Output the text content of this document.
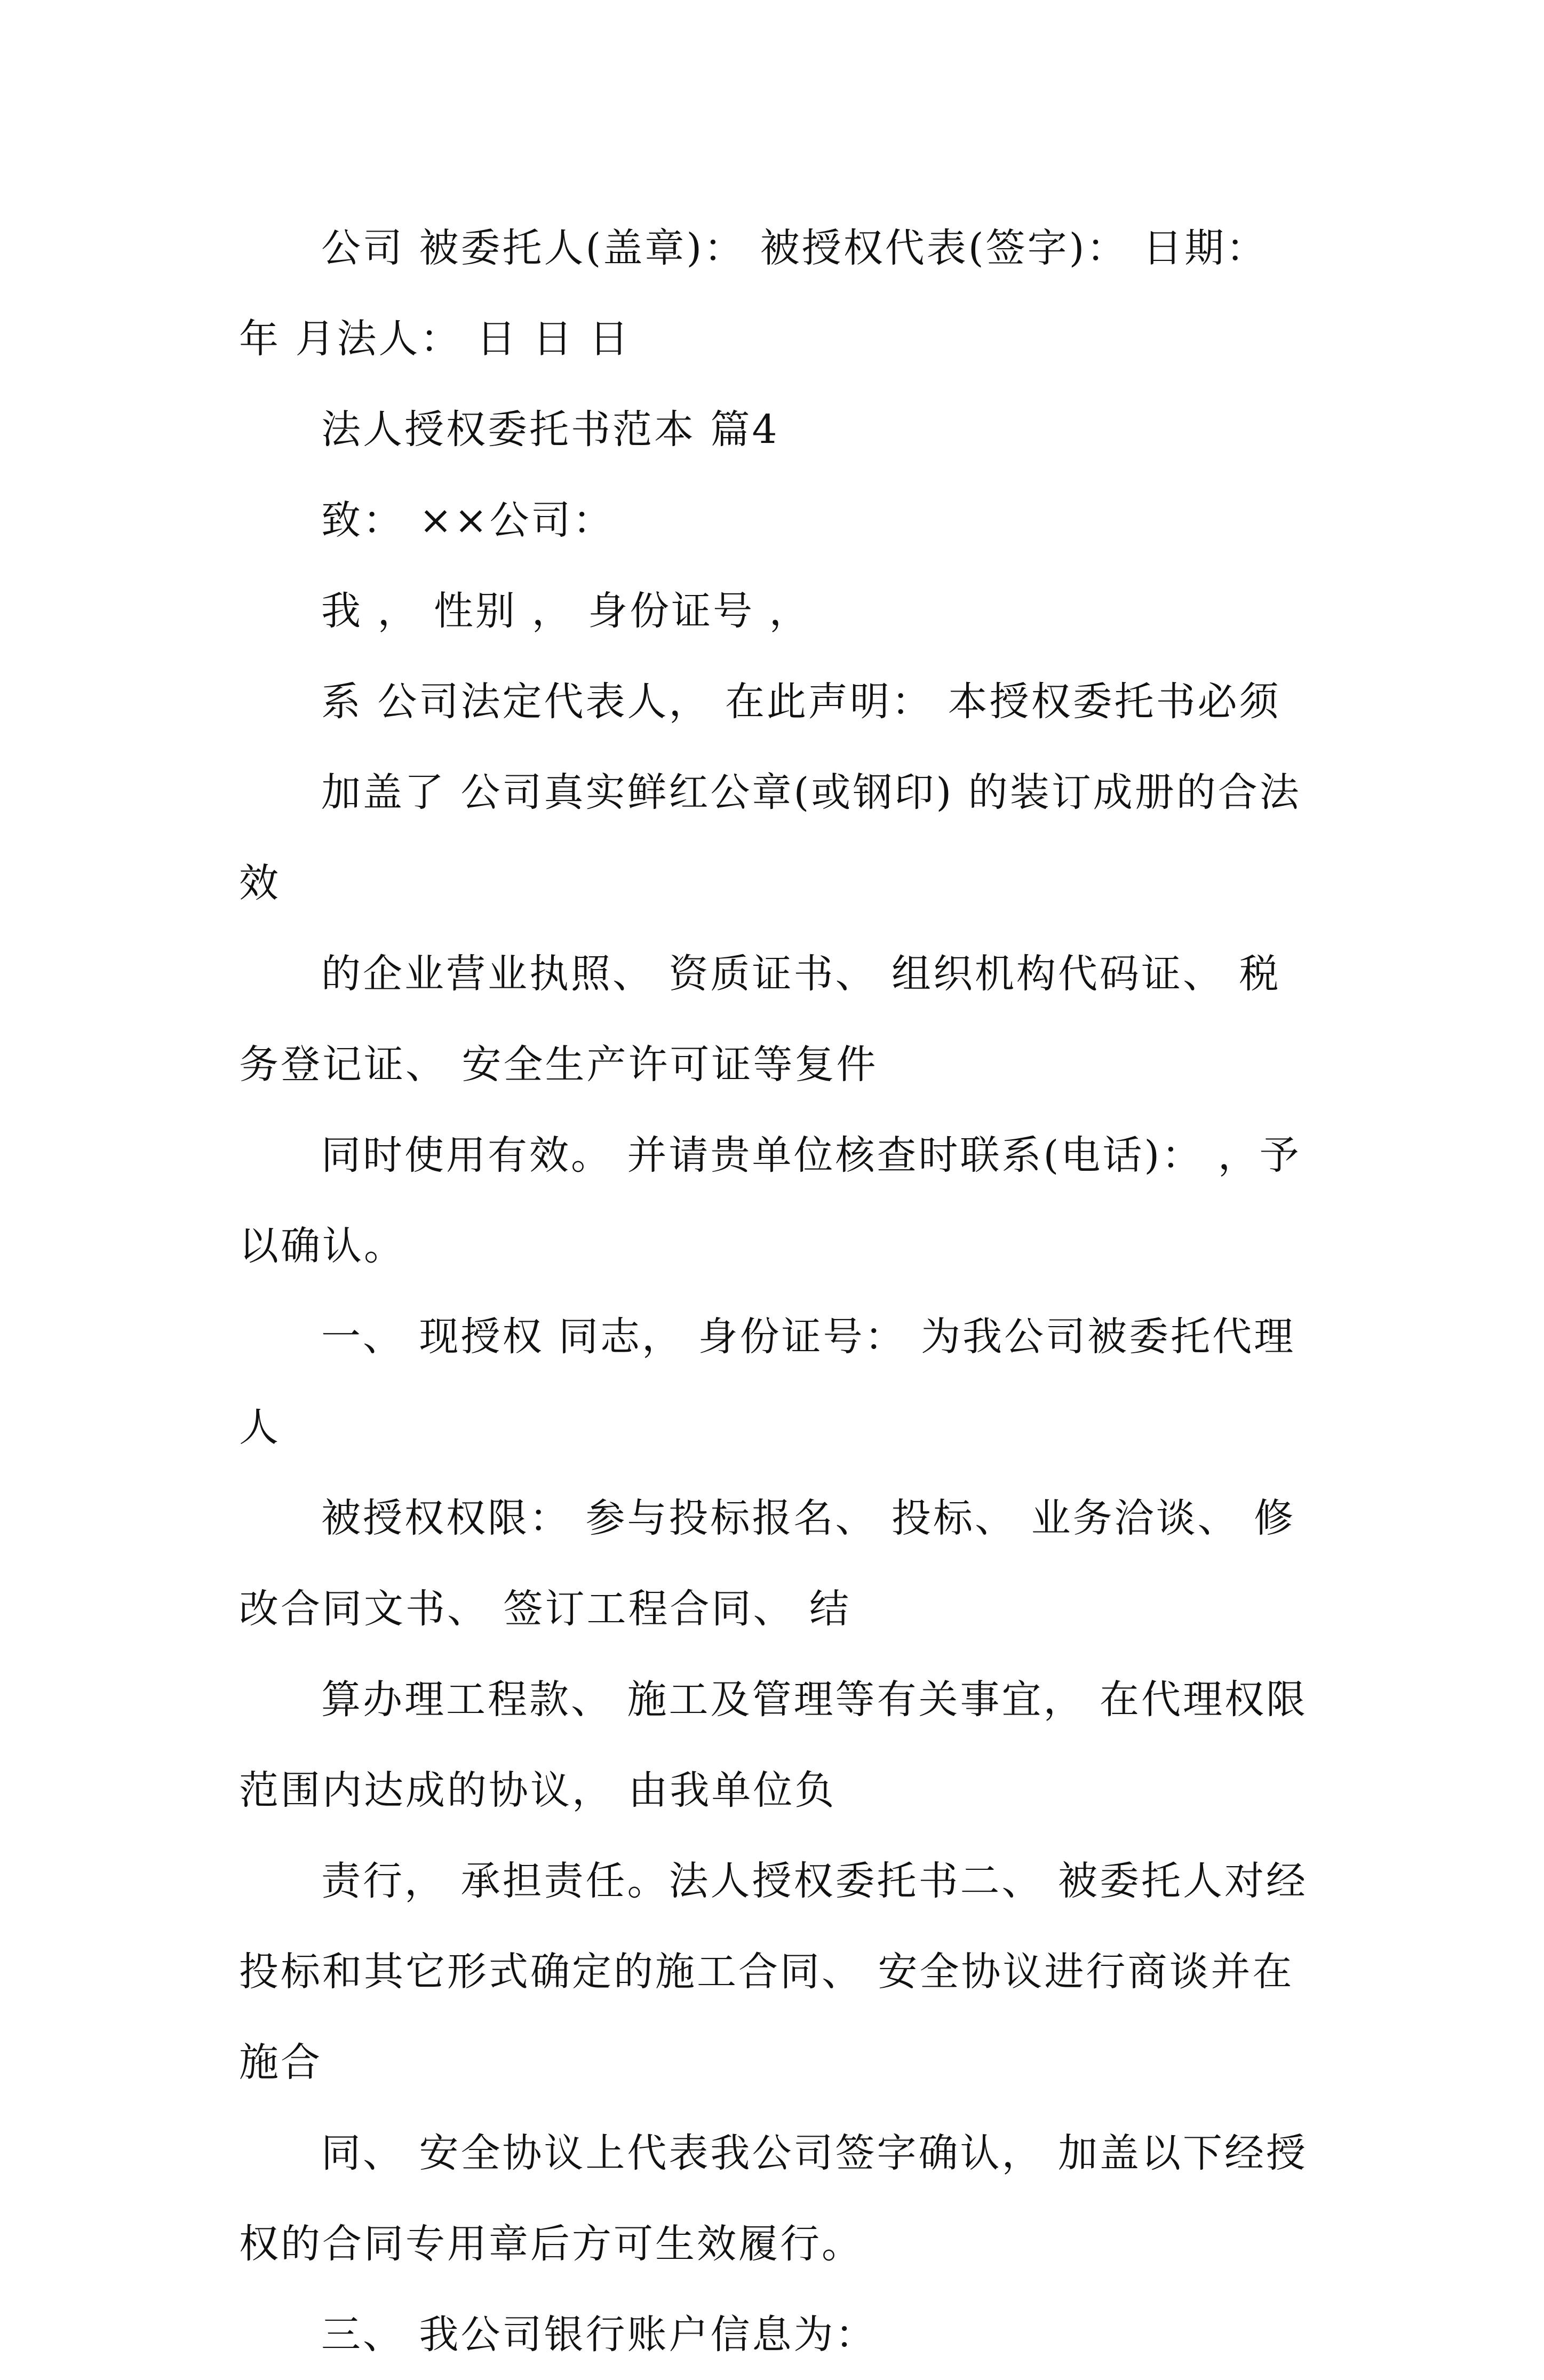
公司 被委托人(盖章)： 被授权代表(签字)： 日期： 年 月法人： 日 日 日

法人授权委托书范本 篇4

致： ××公司：

我 ， 性别 ， 身份证号 ，

系 公司法定代表人， 在此声明： 本授权委托书必须

加盖了 公司真实鲜红公章(或钢印) 的装订成册的合法效

的企业营业执照、 资质证书、 组织机构代码证、 税务登记证、 安全生产许可证等复件

同时使用有效。 并请贵单位核查时联系(电话)： ，予以确认。

一、 现授权 同志， 身份证号： 为我公司被委托代理人

被授权权限： 参与投标报名、 投标、 业务洽谈、 修改合同文书、 签订工程合同、 结

算办理工程款、 施工及管理等有关事宜， 在代理权限范围内达成的协议， 由我单位负

责行， 承担责任。法人授权委托书二、 被委托人对经投标和其它形式确定的施工合同、 安全协议进行商谈并在施合

同、 安全协议上代表我公司签字确认， 加盖以下经授权的合同专用章后方可生效履行。

三、 我公司银行账户信息为：
